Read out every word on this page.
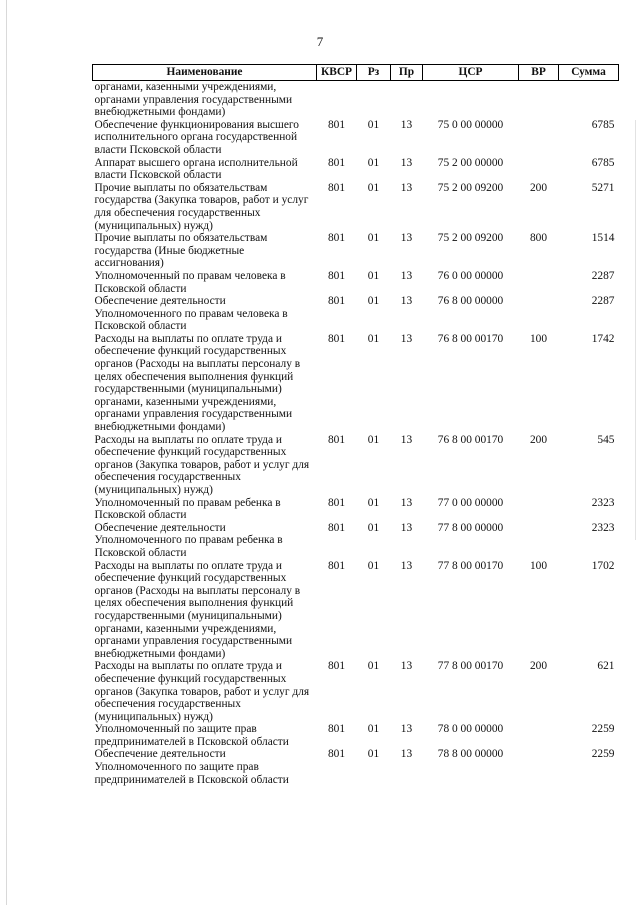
7
Наименование	КВСР	Рз	Пр	ЦСР	ВР	Сумма
органами, казенными учреждениями, органами управления государственными внебюджетными фондами)						
Обеспечение функционирования высшего исполнительного органа государственной власти Псковской области	801	01	13	75 0 00 00000		6785
Аппарат высшего органа исполнительной власти Псковской области	801	01	13	75 2 00 00000		6785
Прочие выплаты по обязательствам государства (Закупка товаров, работ и услуг для обеспечения государственных (муниципальных) нужд)	801	01	13	75 2 00 09200	200	5271
Прочие выплаты по обязательствам государства (Иные бюджетные ассигнования)	801	01	13	75 2 00 09200	800	1514
Уполномоченный по правам человека в Псковской области	801	01	13	76 0 00 00000		2287
Обеспечение деятельности Уполномоченного по правам человека в Псковской области	801	01	13	76 8 00 00000		2287
Расходы на выплаты по оплате труда и обеспечение функций государственных органов (Расходы на выплаты персоналу в целях обеспечения выполнения функций государственными (муниципальными) органами, казенными учреждениями, органами управления государственными внебюджетными фондами)	801	01	13	76 8 00 00170	100	1742
Расходы на выплаты по оплате труда и обеспечение функций государственных органов (Закупка товаров, работ и услуг для обеспечения государственных (муниципальных) нужд)	801	01	13	76 8 00 00170	200	545
Уполномоченный по правам ребенка в Псковской области	801	01	13	77 0 00 00000		2323
Обеспечение деятельности Уполномоченного по правам ребенка в Псковской области	801	01	13	77 8 00 00000		2323
Расходы на выплаты по оплате труда и обеспечение функций государственных органов (Расходы на выплаты персоналу в целях обеспечения выполнения функций государственными (муниципальными) органами, казенными учреждениями, органами управления государственными внебюджетными фондами)	801	01	13	77 8 00 00170	100	1702
Расходы на выплаты по оплате труда и обеспечение функций государственных органов (Закупка товаров, работ и услуг для обеспечения государственных (муниципальных) нужд)	801	01	13	77 8 00 00170	200	621
Уполномоченный по защите прав предпринимателей в Псковской области	801	01	13	78 0 00 00000		2259
Обеспечение деятельности Уполномоченного по защите прав предпринимателей в Псковской области	801	01	13	78 8 00 00000		2259
